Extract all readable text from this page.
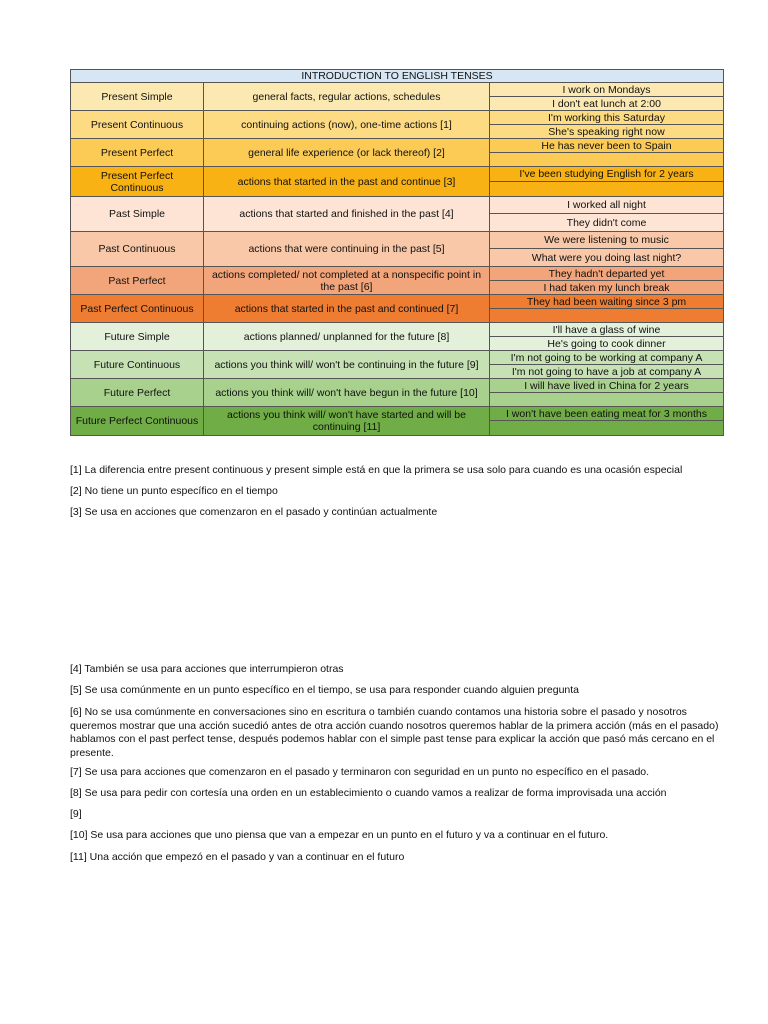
INTRODUCTION TO ENGLISH TENSES		
Present Simple	general facts, regular actions, schedules	I work on Mondays
		I don't eat lunch at 2:00
Present Continuous	continuing actions (now), one-time actions [1]	I'm working this Saturday
		She's speaking right now
Present Perfect	general life experience (or lack thereof) [2]	He has never been to Spain

Present Perfect Continuous	actions that started in the past and continue [3]	I've been studying English for 2 years

Past Simple	actions that started and finished in the past [4]	I worked all night
		They didn't come
Past Continuous	actions that were continuing in the past [5]	We were listening to music
		What were you doing last night?
Past Perfect	actions completed/ not completed at a nonspecific point in the past [6]	They hadn't departed yet
		I had taken my lunch break
Past Perfect Continuous	actions that started in the past and continued [7]	They had been waiting since 3 pm

Future Simple	actions planned/ unplanned for the future [8]	I'll have a glass of wine
		He's going to cook dinner
Future Continuous	actions you think will/ won't be continuing in the future [9]	I'm not going to be working at company A
		I'm not going to have a job at company A
Future Perfect	actions you think will/ won't have begun in the future [10]	I will have lived in China for 2 years

Future Perfect Continuous	actions you think will/ won't have started and will be continuing [11]	I won't have been eating meat for 3 months

[1] La diferencia entre present continuous y present simple está en que la primera se usa solo para cuando es una ocasión especial

[2] No tiene un punto específico en el tiempo

[3] Se usa en acciones que comenzaron en el pasado y continúan actualmente

[4] También se usa para acciones que interrumpieron otras

[5] Se usa comúnmente en un punto específico en el tiempo, se usa para responder cuando alguien pregunta

[6] No se usa comúnmente en conversaciones sino en escritura o también cuando contamos una historia sobre el pasado y nosotros queremos mostrar que una acción sucedió antes de otra acción cuando nosotros queremos hablar de la primera acción (más en el pasado) hablamos con el past perfect tense, después podemos hablar con el simple past tense para explicar la acción que pasó más cercano en el presente.

[7] Se usa para acciones que comenzaron en el pasado y terminaron con seguridad en un punto no específico en el pasado.

[8] Se usa para pedir con cortesía una orden en un establecimiento o cuando vamos a realizar de forma improvisada una acción

[9]

[10] Se usa para acciones que uno piensa que van a empezar en un punto en el futuro y va a continuar en el futuro.

[11] Una acción que empezó en el pasado y van a continuar en el futuro
